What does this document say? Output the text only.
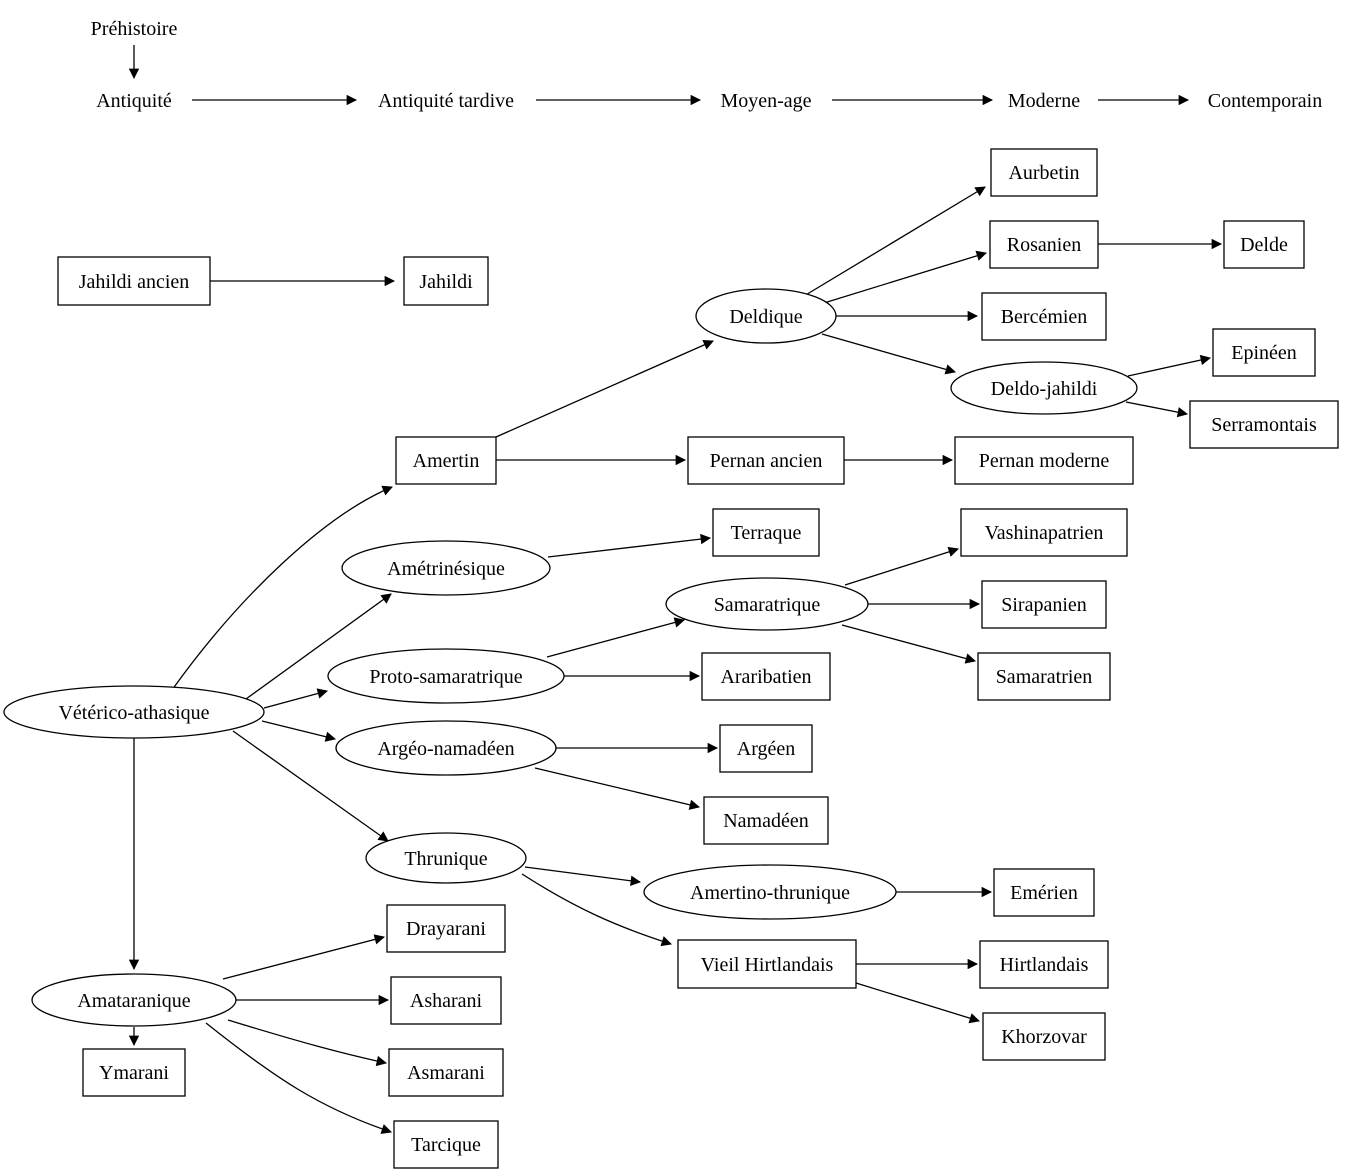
Préhistoire
Antiquité	Antiquité tardive	Moyen-age	Moderne	Contemporain
Jahildi ancien	Jahildi
Deldique
Aurbetin
Rosanien	Delde
Bercémien
Deldo-jahildi
Epinéen
Serramontais
Amertin	Pernan ancien	Pernan moderne
Amétrinésique
Terraque
Samaratrique
Vashinapatrien
Sirapanien
Samaratrien
Proto-samaratrique	Araribatien
Vétérico-athasique
Argéo-namadéen	Argéen
Namadéen
Thrunique
Amertino-thrunique	Emérien
Vieil Hirtlandais	Hirtlandais
Khorzovar
Amataranique
Drayarani
Asharani
Asmarani
Ymarani
Tarcique
